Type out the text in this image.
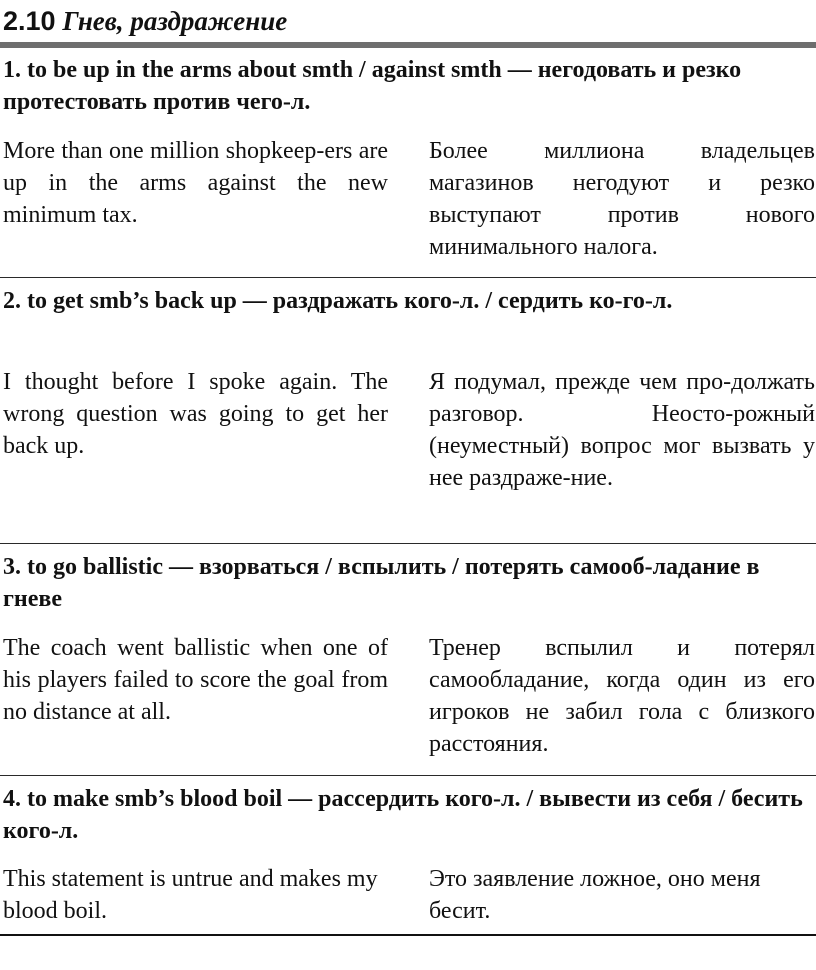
2.10 Гнев, раздражение
1. to be up in the arms about smth / against smth — негодовать и резко протестовать против чего-л.
More than one million shopkeep-ers are up in the arms against the new minimum tax.
Более миллиона владельцев магазинов негодуют и резко выступают против нового минимального налога.
2. to get smb’s back up — раздражать кого-л. / сердить ко-го-л.
I thought before I spoke again. The wrong question was going to get her back up.
Я подумал, прежде чем про-должать разговор. Неосто-рожный (неуместный) вопрос мог вызвать у нее раздраже-ние.
3. to go ballistic — взорваться / вспылить / потерять самооб-ладание в гневе
The coach went ballistic when one of his players failed to score the goal from no distance at all.
Тренер вспылил и потерял самообладание, когда один из его игроков не забил гола с близкого расстояния.
4. to make smb’s blood boil — рассердить кого-л. / вывести из себя / бесить кого-л.
This statement is untrue and makes my blood boil.
Это заявление ложное, оно меня бесит.
